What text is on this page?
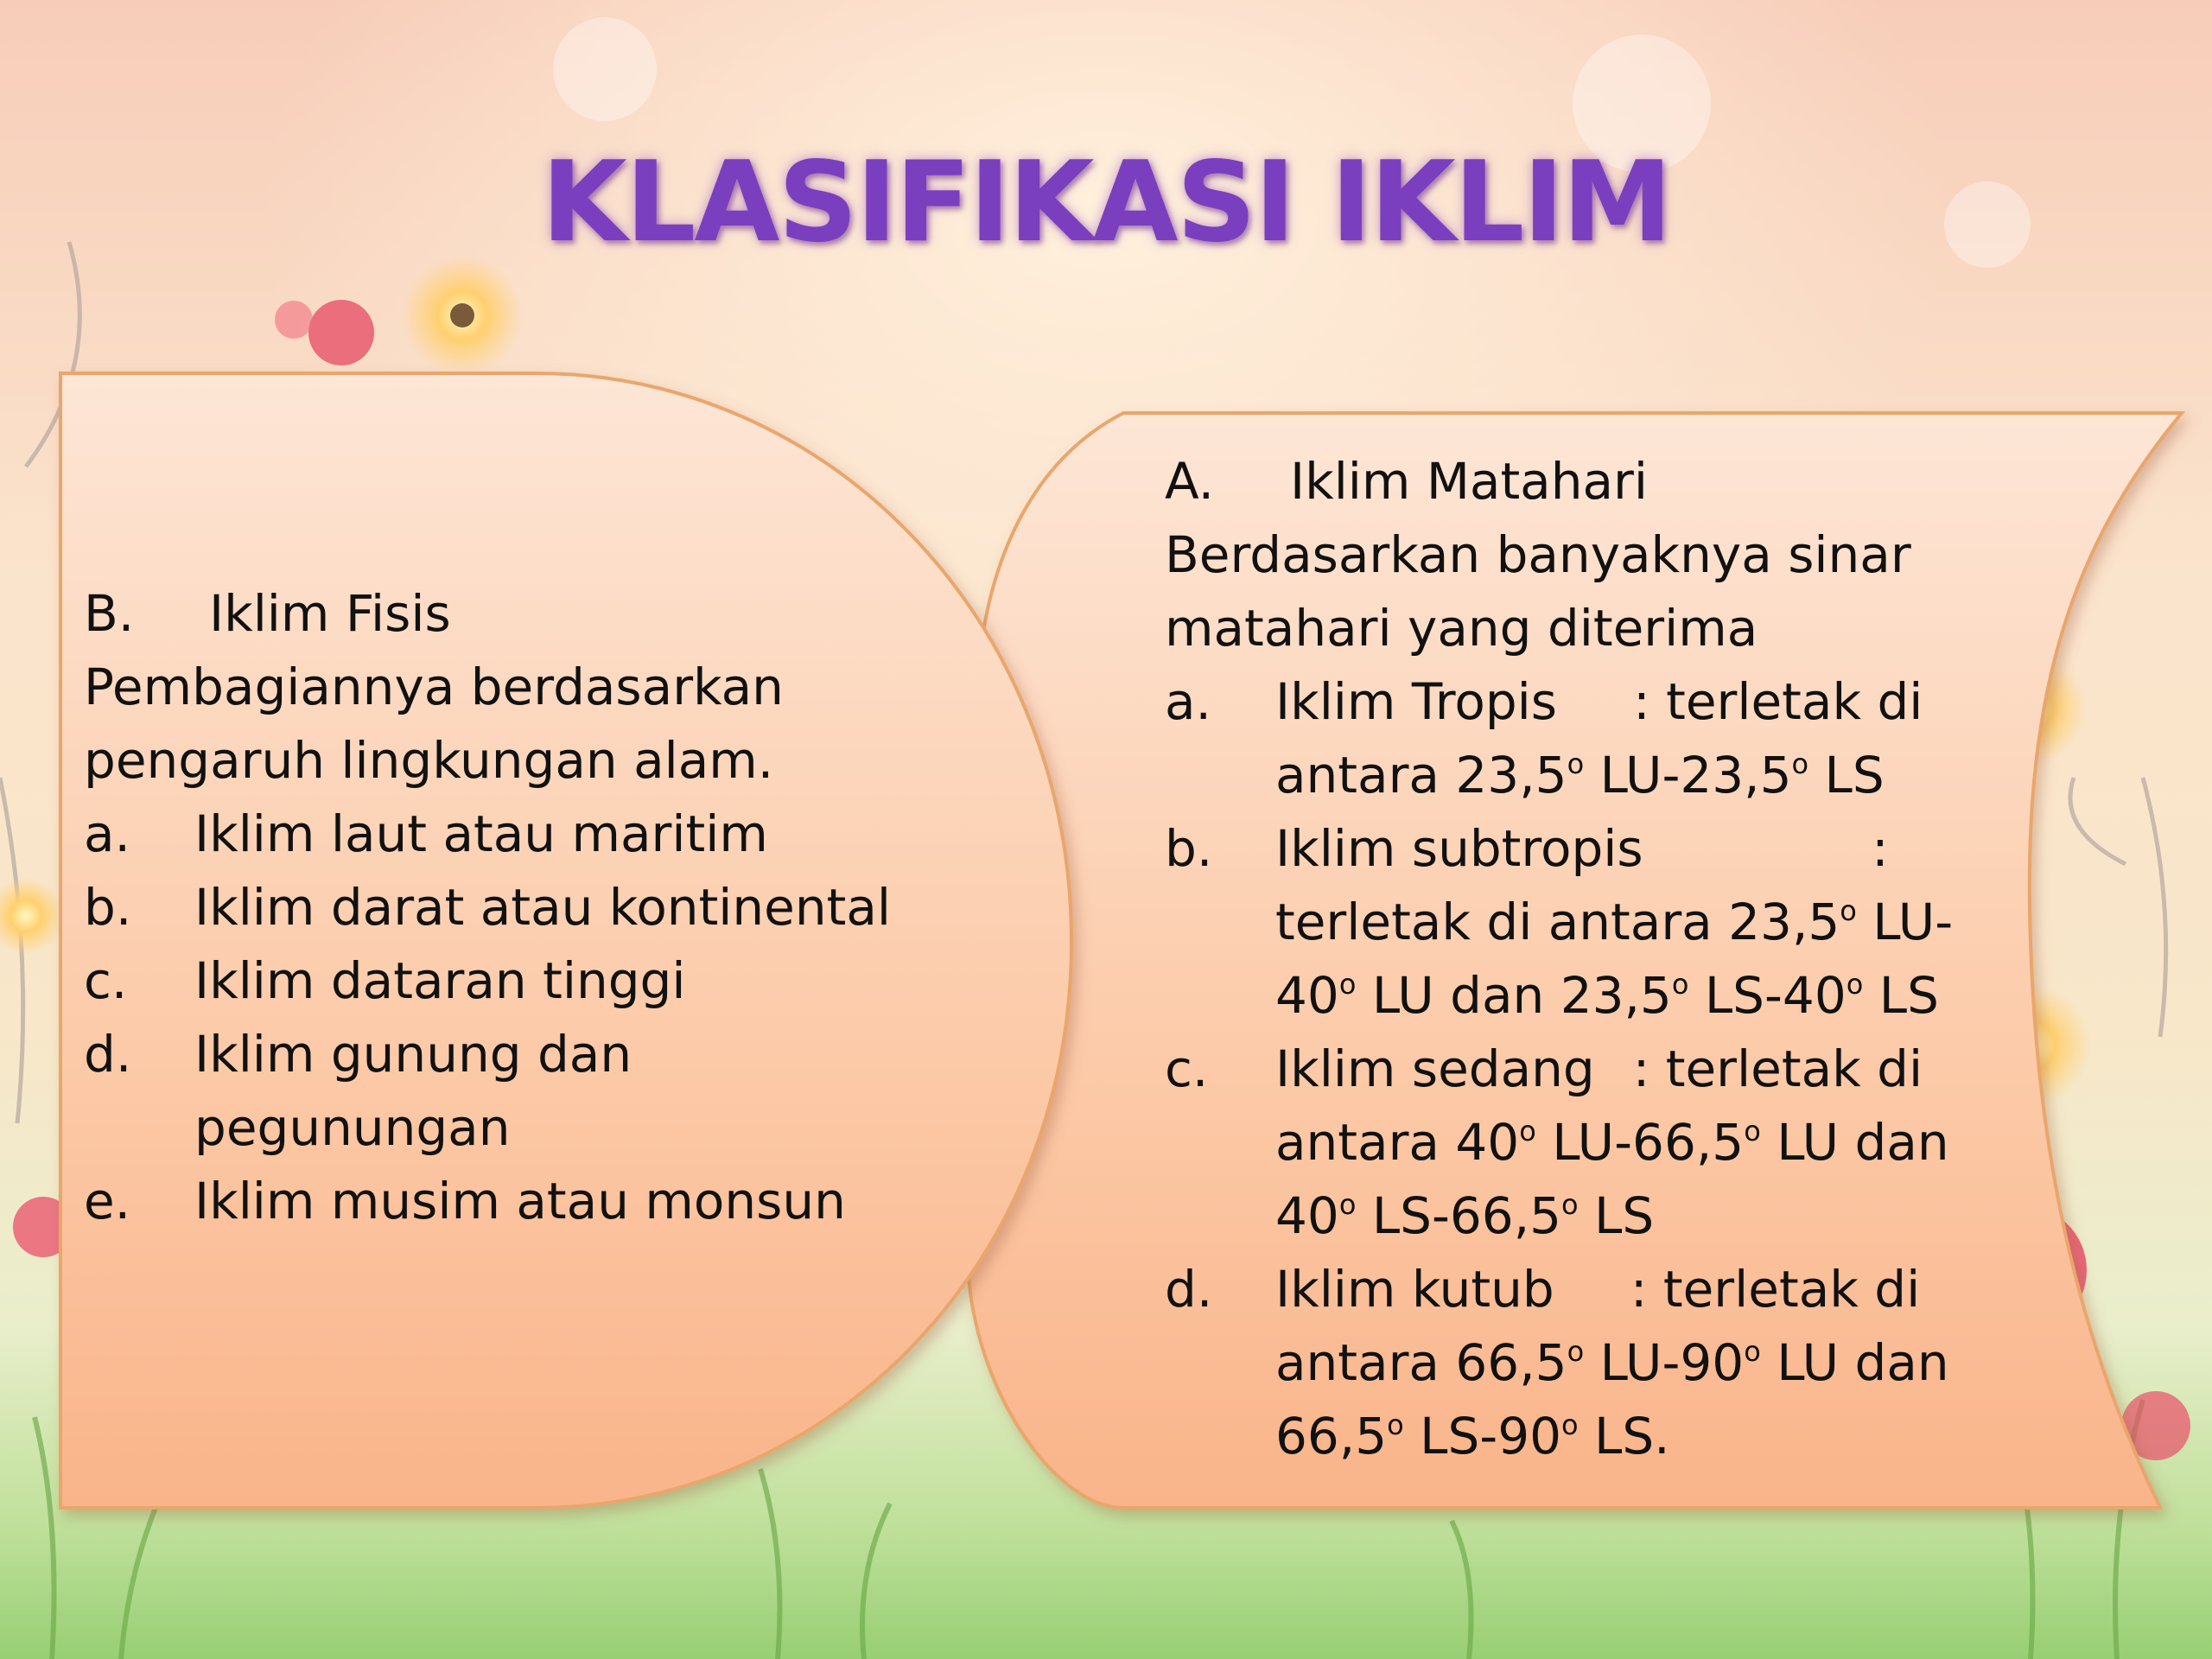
KLASIFIKASI IKLIM
B. Iklim Fisis
Pembagiannya berdasarkan
pengaruh lingkungan alam.
a.	Iklim laut atau maritim
b.	Iklim darat atau kontinental
c.	Iklim dataran tinggi
d.	Iklim gunung dan
pegunungan
e.	Iklim musim atau monsun
A. Iklim Matahari
Berdasarkan banyaknya sinar
matahari yang diterima
a.	Iklim Tropis : terletak di
antara 23,5$^o$ LU-23,5$^o$ LS
b.	Iklim subtropis	:
terletak di antara 23,5$^o$ LU-
40$^o$ LU dan 23,5$^o$ LS-40$^o$ LS
c.	Iklim sedang : terletak di
antara 40$^o$ LU-66,5$^o$ LU dan
40$^o$ LS-66,5$^o$ LS
d.	Iklim kutub : terletak di
antara 66,5$^o$ LU-90$^o$ LU dan
66,5$^o$ LS-90$^o$ LS.
